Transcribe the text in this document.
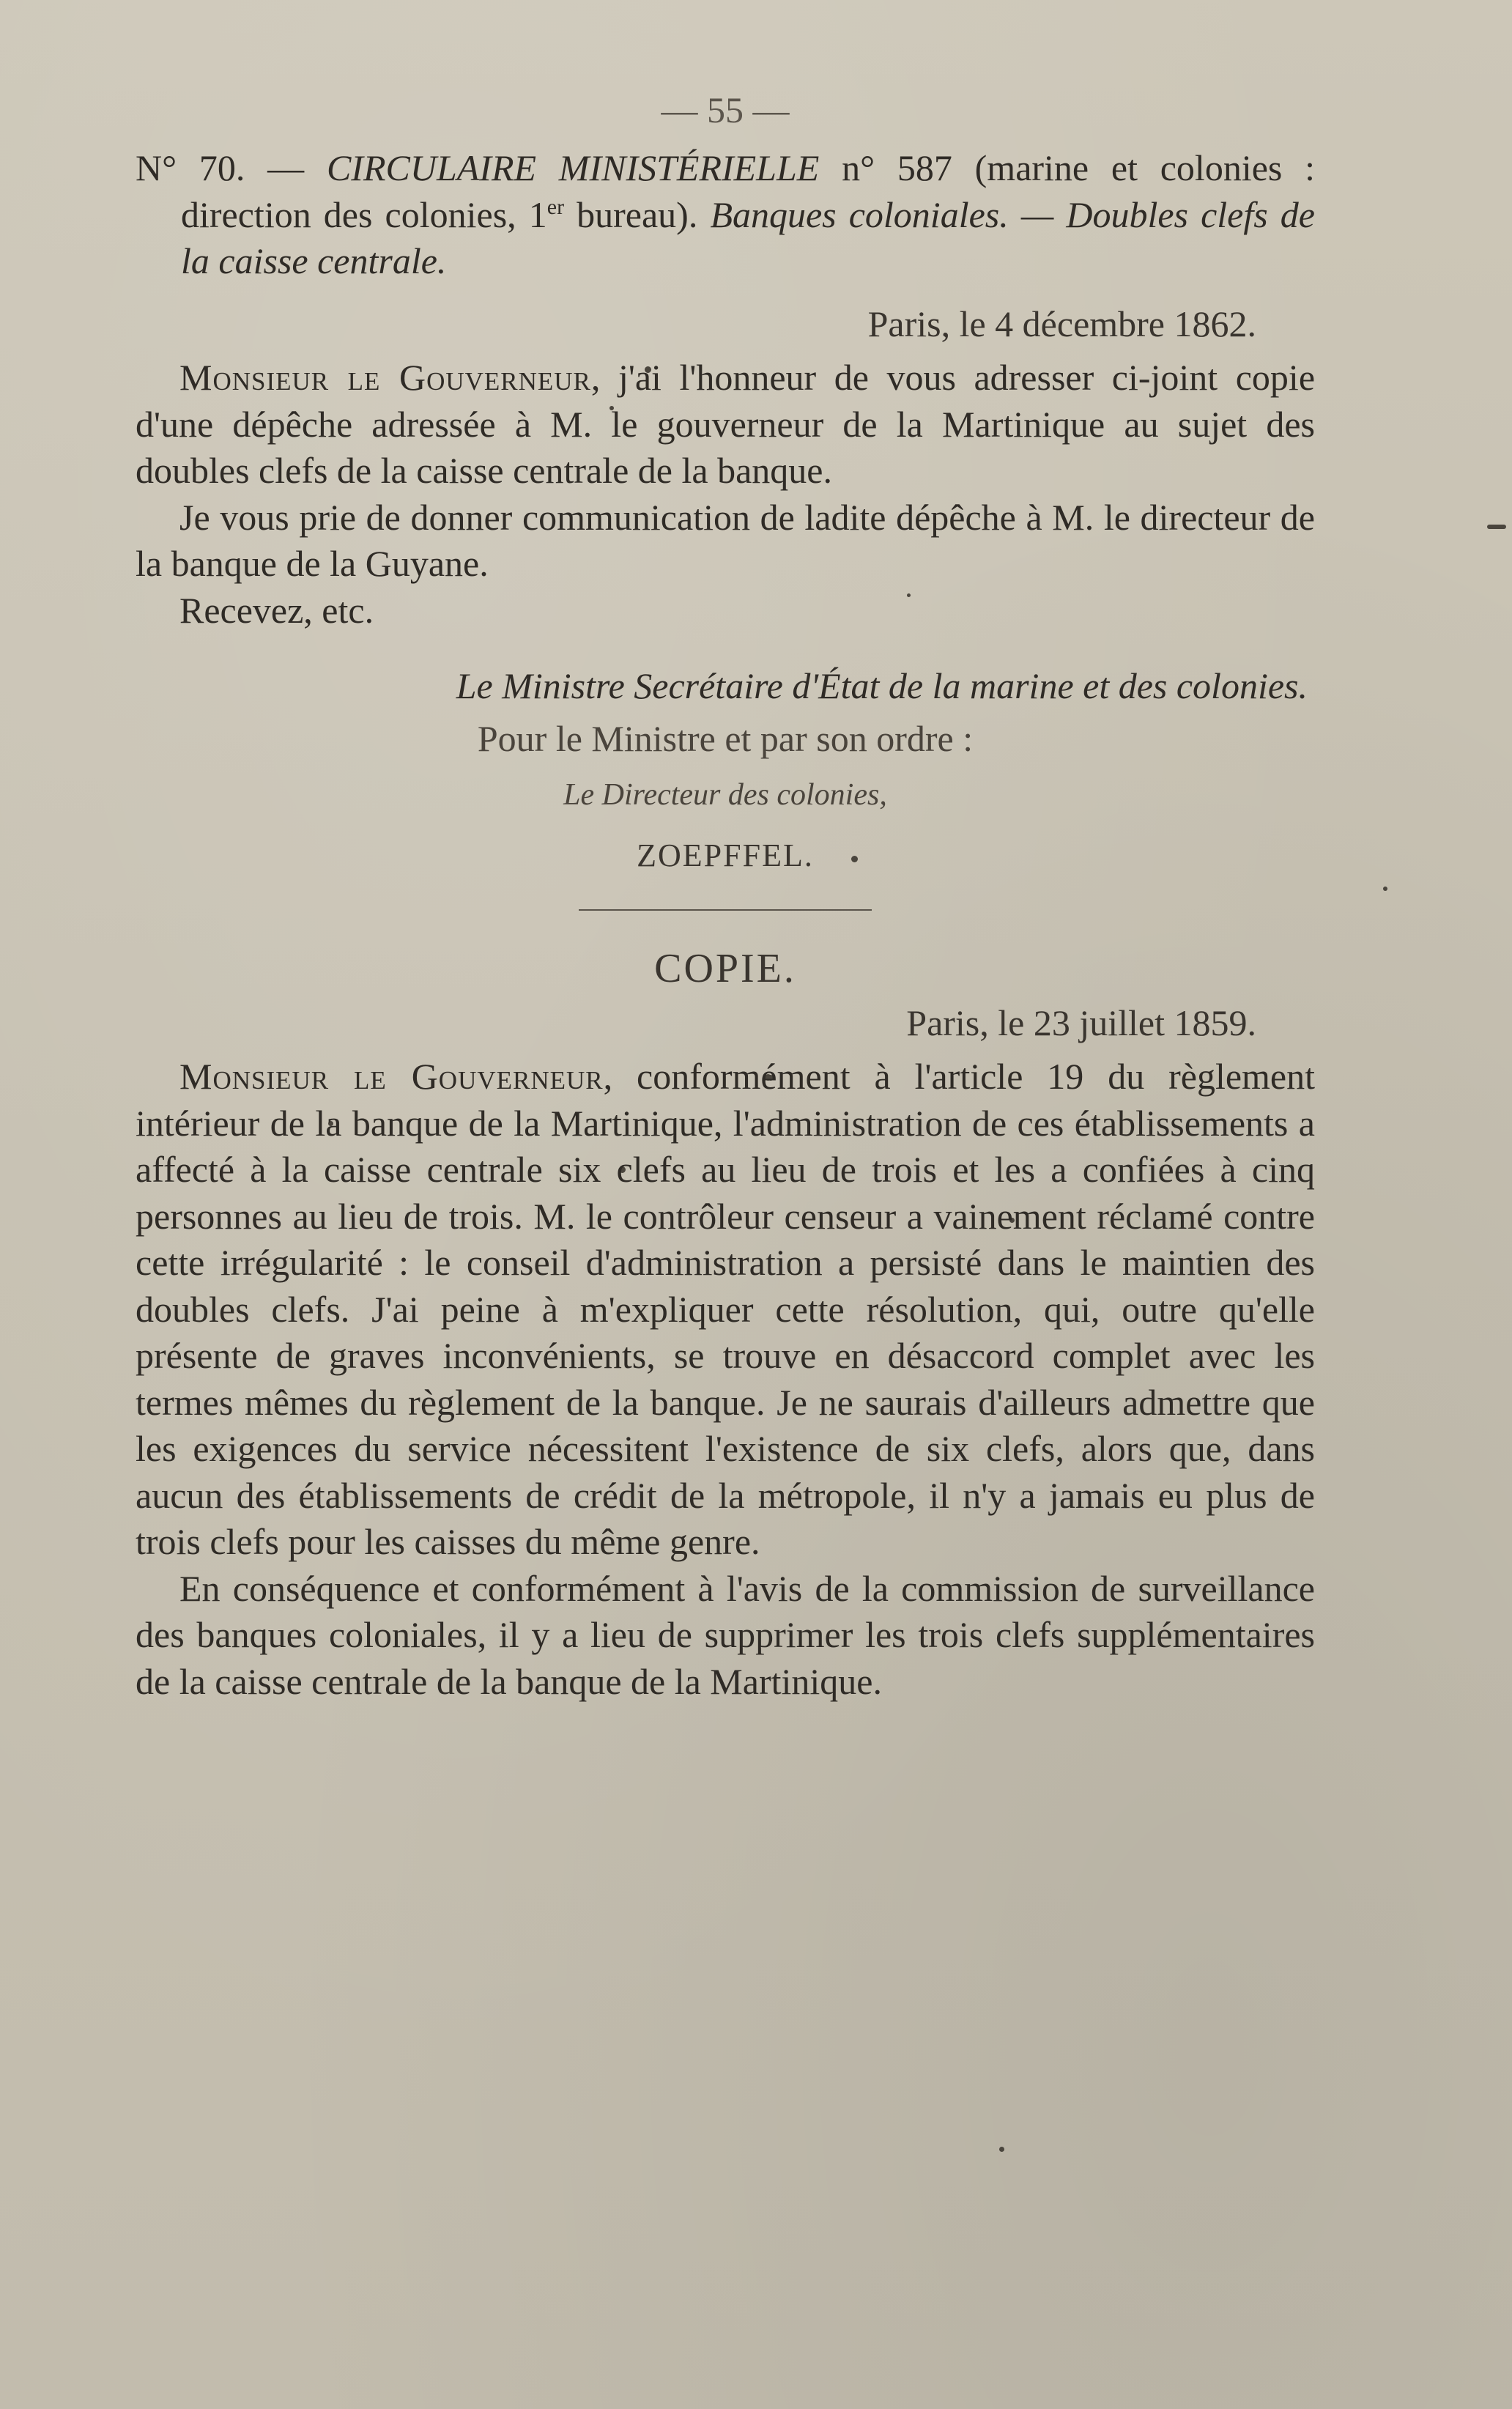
— 55 —

N° 70. — CIRCULAIRE MINISTÉRIELLE n° 587 (marine et colonies : direction des colonies, 1er bureau). Banques coloniales. — Doubles clefs de la caisse centrale.

Paris, le 4 décembre 1862.

Monsieur le Gouverneur, j'ai l'honneur de vous adresser ci-joint copie d'une dépêche adressée à M. le gouverneur de la Martinique au sujet des doubles clefs de la caisse centrale de la banque.

Je vous prie de donner communication de ladite dépêche à M. le directeur de la banque de la Guyane.

Recevez, etc.

Le Ministre Secrétaire d'État de la marine et des colonies.

Pour le Ministre et par son ordre :

Le Directeur des colonies,

ZOEPFFEL.

COPIE.

Paris, le 23 juillet 1859.

Monsieur le Gouverneur, conformément à l'article 19 du règlement intérieur de la banque de la Martinique, l'administration de ces établissements a affecté à la caisse centrale six clefs au lieu de trois et les a confiées à cinq personnes au lieu de trois. M. le contrôleur censeur a vainement réclamé contre cette irrégularité : le conseil d'administration a persisté dans le maintien des doubles clefs. J'ai peine à m'expliquer cette résolution, qui, outre qu'elle présente de graves inconvénients, se trouve en désaccord complet avec les termes mêmes du règlement de la banque. Je ne saurais d'ailleurs admettre que les exigences du service nécessitent l'existence de six clefs, alors que, dans aucun des établissements de crédit de la métropole, il n'y a jamais eu plus de trois clefs pour les caisses du même genre.

En conséquence et conformément à l'avis de la commission de surveillance des banques coloniales, il y a lieu de supprimer les trois clefs supplémentaires de la caisse centrale de la banque de la Martinique.
